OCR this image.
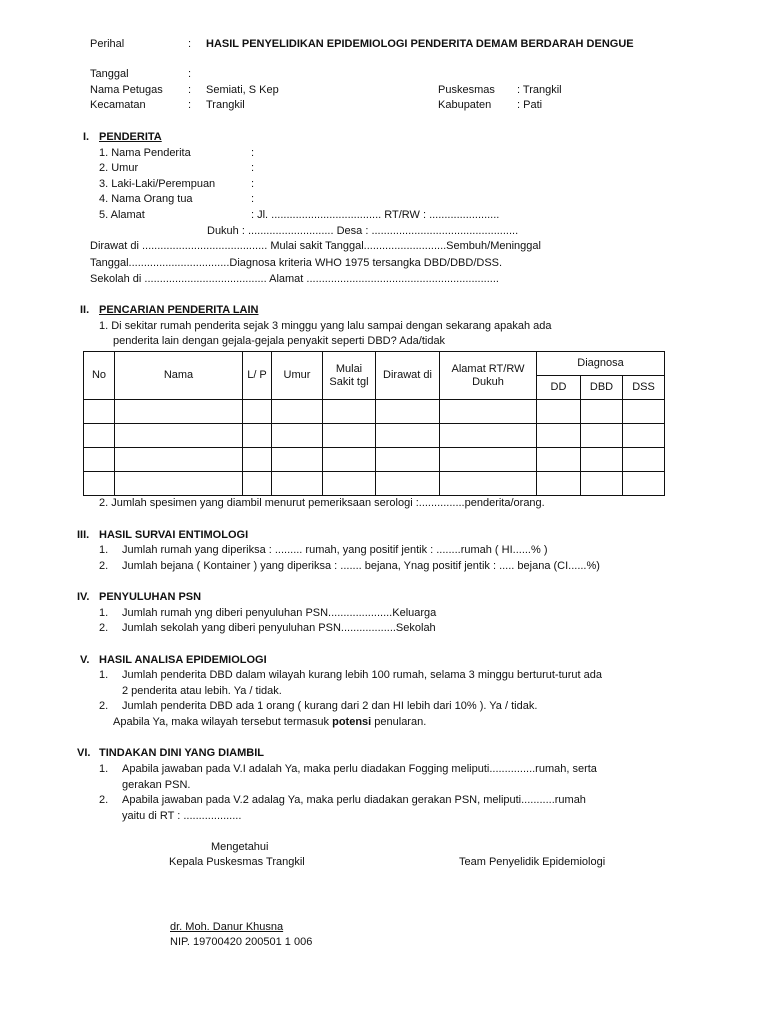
Perihal	: HASIL PENYELIDIKAN EPIDEMIOLOGI PENDERITA DEMAM BERDARAH DENGUE
Tanggal	:
Nama Petugas : Semiati, S Kep	Puskesmas : Trangkil
Kecamatan	: Trangkil	Kabupaten : Pati
I. PENDERITA
1. Nama Penderita	:
2. Umur	:
3. Laki-Laki/Perempuan	:
4. Nama Orang tua	:
5. Alamat	: Jl. .................................... RT/RW : .......................
Dukuh : ............................ Desa : ................................................
Dirawat di ......................................... Mulai sakit Tanggal...........................Sembuh/Meninggal
Tanggal.................................Diagnosa kriteria WHO 1975 tersangka DBD/DBD/DSS.
Sekolah di ........................................ Alamat ...............................................................
II. PENCARIAN PENDERITA LAIN
1. Di sekitar rumah penderita sejak 3 minggu yang lalu sampai dengan sekarang apakah ada
penderita lain dengan gejala-gejala penyakit seperti DBD? Ada/tidak
No	Nama	L/ P	Umur	Mulai Sakit tgl	Dirawat di	Alamat RT/RW Dukuh	Diagnosa		
							DD	DBD	DSS

2. Jumlah spesimen yang diambil menurut pemeriksaan serologi :...............penderita/orang.
III. HASIL SURVAI ENTIMOLOGI
1. Jumlah rumah yang diperiksa : ......... rumah, yang positif jentik : ........rumah ( HI......% )
2. Jumlah bejana ( Kontainer ) yang diperiksa : ....... bejana, Ynag positif jentik : ..... bejana (CI......%)
IV. PENYULUHAN PSN
1. Jumlah rumah yng diberi penyuluhan PSN.....................Keluarga
2. Jumlah sekolah yang diberi penyuluhan PSN..................Sekolah
V. HASIL ANALISA EPIDEMIOLOGI
1. Jumlah penderita DBD dalam wilayah kurang lebih 100 rumah, selama 3 minggu berturut-turut ada
2 penderita atau lebih. Ya / tidak.
2. Jumlah penderita DBD ada 1 orang ( kurang dari 2 dan HI lebih dari 10% ). Ya / tidak.
Apabila Ya, maka wilayah tersebut termasuk potensi penularan.
VI. TINDAKAN DINI YANG DIAMBIL
1. Apabila jawaban pada V.I adalah Ya, maka perlu diadakan Fogging meliputi...............rumah, serta
gerakan PSN.
2. Apabila jawaban pada V.2 adalag Ya, maka perlu diadakan gerakan PSN, meliputi...........rumah
yaitu di RT : ...................
Mengetahui
Kepala Puskesmas Trangkil	Team Penyelidik Epidemiologi
dr. Moh. Danur Khusna
NIP. 19700420 200501 1 006
